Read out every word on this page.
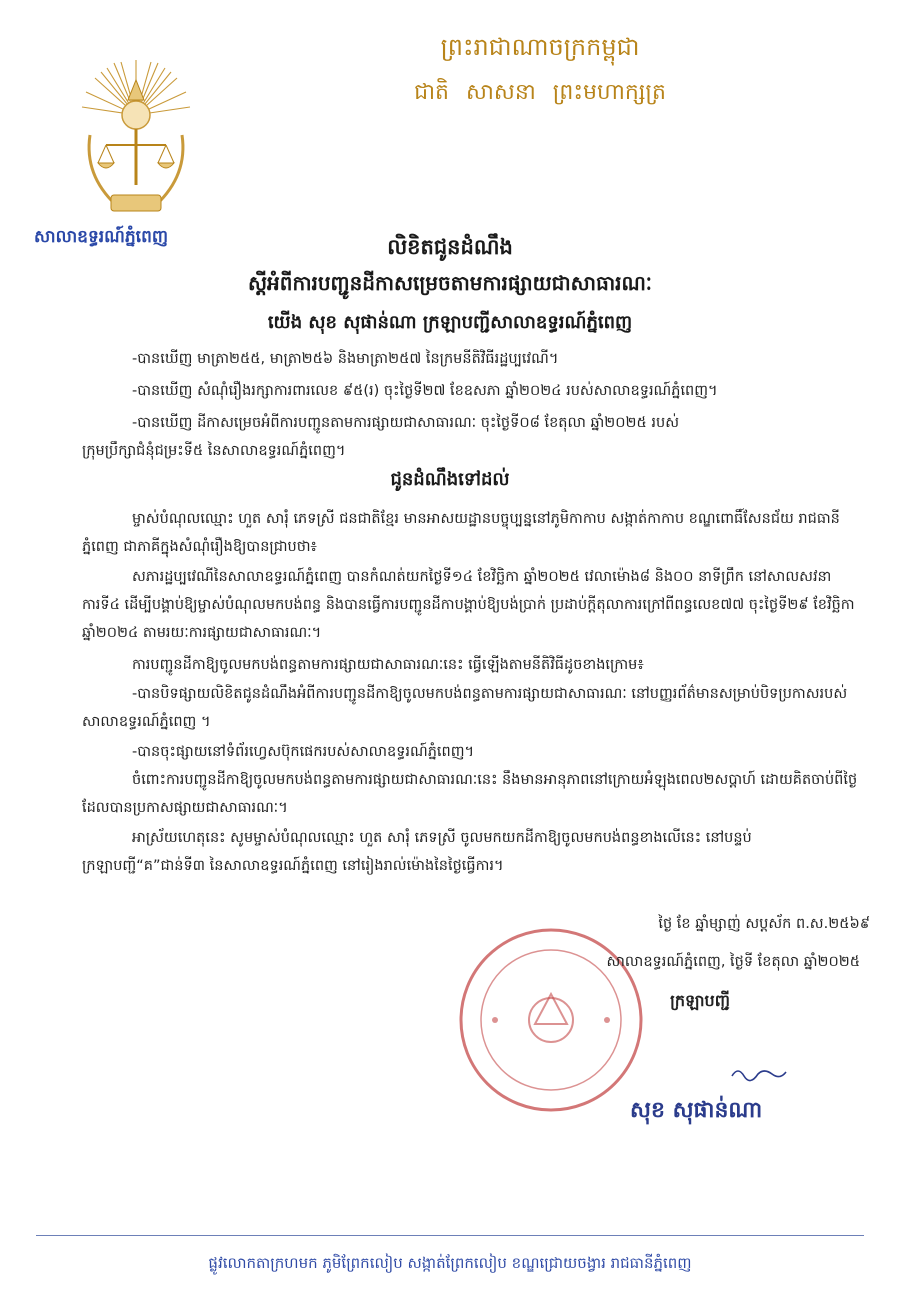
ព្រះរាជាណាចក្រកម្ពុជា
ជាតិ សាសនា ព្រះមហាក្សត្រ
សាលាឧទ្ធរណ៍ភ្នំពេញ	លិខិតជូនដំណឹង
ស្តីអំពីការបញ្ជូនដីកាសម្រេចតាមការផ្សាយជាសាធារណៈ
យើង សុខ សុផាន់ណា ក្រឡាបញ្ជីសាលាឧទ្ធរណ៍ភ្នំពេញ
-បានឃើញ មាត្រា២៥៥, មាត្រា២៥៦ និងមាត្រា២៥៧ នៃក្រមនីតិវិធីរដ្ឋប្បវេណី។
-បានឃើញ សំណុំរឿងរក្សាការពារលេខ ៩៥(រ) ចុះថ្ងៃទី២៧ ខែឧសភា ឆ្នាំ២០២៤ របស់សាលាឧទ្ធរណ៍ភ្នំពេញ។
-បានឃើញ ដីកាសម្រេចអំពីការបញ្ជូនតាមការផ្សាយជាសាធារណៈ ចុះថ្ងៃទី០៨ ខែតុលា ឆ្នាំ២០២៥ របស់
ក្រុមប្រឹក្សាជំនុំជម្រះទី៥ នៃសាលាឧទ្ធរណ៍ភ្នំពេញ។
ជូនដំណឹងទៅដល់
ម្ចាស់បំណុលឈ្មោះ ហួត សារុំ ភេទស្រី ជនជាតិខ្មែរ មានអាសយដ្ឋានបច្ចុប្បន្ននៅភូមិកាកាប សង្កាត់កាកាប ខណ្ឌពោធិ៍សែនជ័យ រាជធានីភ្នំពេញ ជាភាគីក្នុងសំណុំរឿងឱ្យបានជ្រាបថា៖
សភារដ្ឋប្បវេណីនៃសាលាឧទ្ធរណ៍ភ្នំពេញ បានកំណត់យកថ្ងៃទី១៤ ខែវិច្ឆិកា ឆ្នាំ២០២៥ វេលាម៉ោង៨ និង០០ នាទីព្រឹក នៅសាលសវនាការទី៤ ដើម្បីបង្គាប់ឱ្យម្ចាស់បំណុលមកបង់ពន្ធ និងបានធ្វើការបញ្ជូនដីកាបង្គាប់ឱ្យបង់ប្រាក់ ប្រដាប់ក្តីតុលាការក្រៅពីពន្ធលេខ៧៧ ចុះថ្ងៃទី២៩ ខែវិច្ឆិកា ឆ្នាំ២០២៤ តាមរយៈការផ្សាយជាសាធារណៈ។
ការបញ្ជូនដីកាឱ្យចូលមកបង់ពន្ធតាមការផ្សាយជាសាធារណៈនេះ ធ្វើឡើងតាមនីតិវិធីដូចខាងក្រោម៖
-បានបិទផ្សាយលិខិតជូនដំណឹងអំពីការបញ្ជូនដីកាឱ្យចូលមកបង់ពន្ធតាមការផ្សាយជាសាធារណៈ នៅបញ្ញរព័ត៌មានសម្រាប់បិទប្រកាសរបស់សាលាឧទ្ធរណ៍ភ្នំពេញ ។
-បានចុះផ្សាយនៅទំព័រហ្វេសប៊ុកផេករបស់សាលាឧទ្ធរណ៍ភ្នំពេញ។
ចំពោះការបញ្ជូនដីកាឱ្យចូលមកបង់ពន្ធតាមការផ្សាយជាសាធារណៈនេះ នឹងមានអានុភាពនៅក្រោយអំឡុងពេល២សប្តាហ៍ ដោយគិតចាប់ពីថ្ងៃដែលបានប្រកាសផ្សាយជាសាធារណៈ។
អាស្រ័យហេតុនេះ សូមម្ចាស់បំណុលឈ្មោះ ហួត សារុំ ភេទស្រី ចូលមកយកដីកាឱ្យចូលមកបង់ពន្ធខាងលើនេះ នៅបន្ទប់ក្រឡាបញ្ជី“គ”ជាន់ទី៣ នៃសាលាឧទ្ធរណ៍ភ្នំពេញ នៅរៀងរាល់ម៉ោងនៃថ្ងៃធ្វើការ។
ថ្ងៃ ខែ ឆ្នាំម្សាញ់ សប្តស័ក ព.ស.២៥៦៩
សាលាឧទ្ធរណ៍ភ្នំពេញ, ថ្ងៃទី ខែតុលា ឆ្នាំ២០២៥
ក្រឡាបញ្ជី
សុខ សុផាន់ណា
ផ្លូវលោកតាក្រហមក ភូមិព្រែកលៀប សង្កាត់ព្រែកលៀប ខណ្ឌជ្រោយចង្វារ រាជធានីភ្នំពេញ
